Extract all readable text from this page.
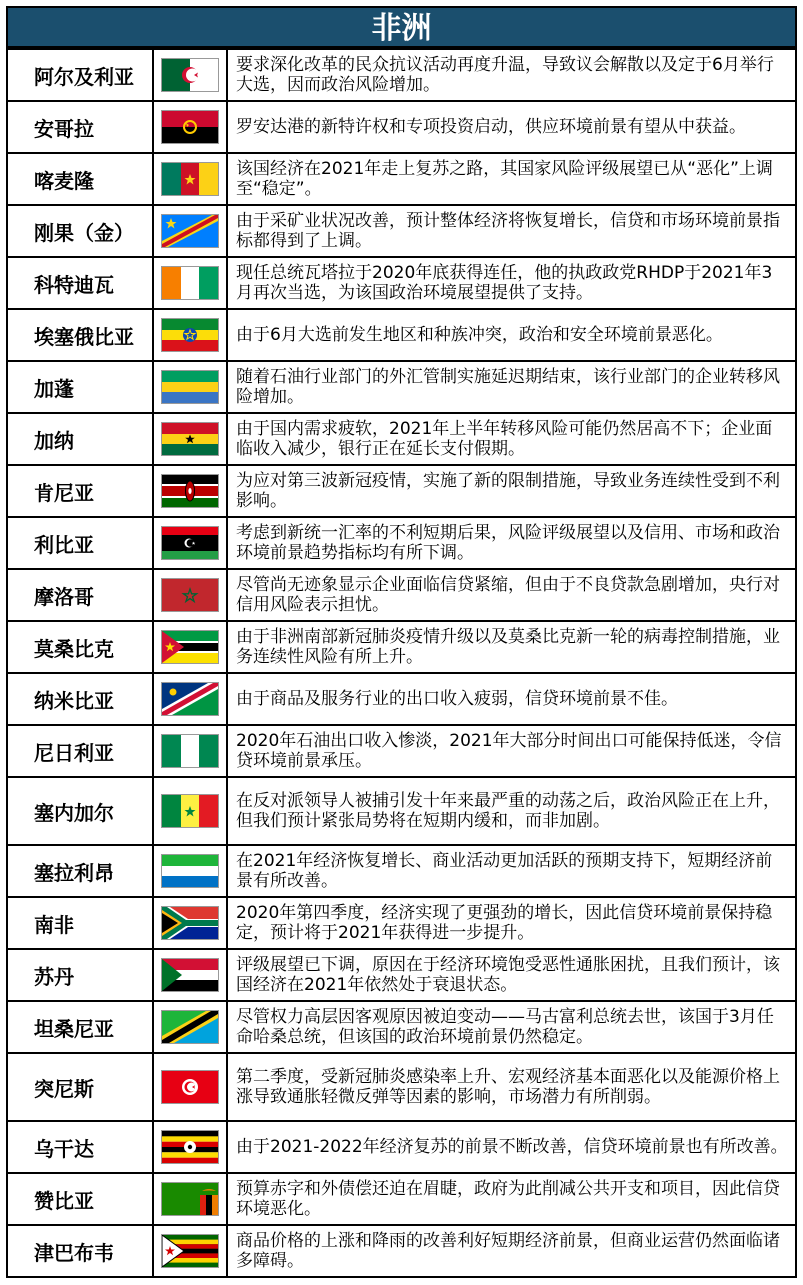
非洲
阿尔及利亚		要求深化改革的民众抗议活动再度升温，导致议会解散以及定于6月举行大选，因而政治风险增加。
安哥拉		罗安达港的新特许权和专项投资启动，供应环境前景有望从中获益。
喀麦隆		该国经济在2021年走上复苏之路，其国家风险评级展望已从“恶化”上调至“稳定”。
刚果（金）		由于采矿业状况改善，预计整体经济将恢复增长，信贷和市场环境前景指标都得到了上调。
科特迪瓦		现任总统瓦塔拉于2020年底获得连任，他的执政政党RHDP于2021年3月再次当选，为该国政治环境展望提供了支持。
埃塞俄比亚		由于6月大选前发生地区和种族冲突，政治和安全环境前景恶化。
加蓬		随着石油行业部门的外汇管制实施延迟期结束，该行业部门的企业转移风险增加。
加纳		由于国内需求疲软，2021年上半年转移风险可能仍然居高不下；企业面临收入减少，银行正在延长支付假期。
肯尼亚		为应对第三波新冠疫情，实施了新的限制措施，导致业务连续性受到不利影响。
利比亚		考虑到新统一汇率的不利短期后果，风险评级展望以及信用、市场和政治环境前景趋势指标均有所下调。
摩洛哥		尽管尚无迹象显示企业面临信贷紧缩，但由于不良贷款急剧增加，央行对信用风险表示担忧。
莫桑比克		由于非洲南部新冠肺炎疫情升级以及莫桑比克新一轮的病毒控制措施，业务连续性风险有所上升。
纳米比亚		由于商品及服务行业的出口收入疲弱，信贷环境前景不佳。
尼日利亚		2020年石油出口收入惨淡，2021年大部分时间出口可能保持低迷，令信贷环境前景承压。
塞内加尔		在反对派领导人被捕引发十年来最严重的动荡之后，政治风险正在上升，但我们预计紧张局势将在短期内缓和，而非加剧。
塞拉利昂		在2021年经济恢复增长、商业活动更加活跃的预期支持下，短期经济前景有所改善。
南非		2020年第四季度，经济实现了更强劲的增长，因此信贷环境前景保持稳定，预计将于2021年获得进一步提升。
苏丹		评级展望已下调，原因在于经济环境饱受恶性通胀困扰，且我们预计，该国经济在2021年依然处于衰退状态。
坦桑尼亚		尽管权力高层因客观原因被迫变动——马古富利总统去世，该国于3月任命哈桑总统，但该国的政治环境前景仍然稳定。
突尼斯		第二季度，受新冠肺炎感染率上升、宏观经济基本面恶化以及能源价格上涨导致通胀轻微反弹等因素的影响，市场潜力有所削弱。
乌干达		由于2021-2022年经济复苏的前景不断改善，信贷环境前景也有所改善。
赞比亚		预算赤字和外债偿还迫在眉睫，政府为此削减公共开支和项目，因此信贷环境恶化。
津巴布韦		商品价格的上涨和降雨的改善利好短期经济前景，但商业运营仍然面临诸多障碍。
